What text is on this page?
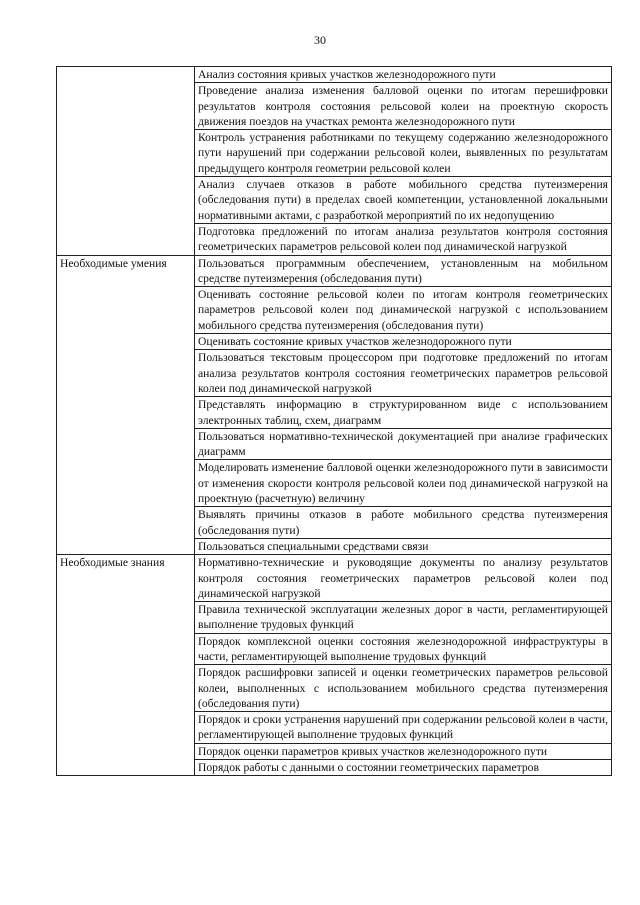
30
	Анализ состояния кривых участков железнодорожного пути
	Проведение анализа изменения балловой оценки по итогам перешифровки результатов контроля состояния рельсовой колеи на проектную скорость движения поездов на участках ремонта железнодорожного пути
	Контроль устранения работниками по текущему содержанию железнодорожного пути нарушений при содержании рельсовой колеи, выявленных по результатам предыдущего контроля геометрии рельсовой колеи
	Анализ случаев отказов в работе мобильного средства путеизмерения (обследования пути) в пределах своей компетенции, установленной локальными нормативными актами, с разработкой мероприятий по их недопущению
	Подготовка предложений по итогам анализа результатов контроля состояния геометрических параметров рельсовой колеи под динамической нагрузкой
Необходимые умения	Пользоваться программным обеспечением, установленным на мобильном средстве путеизмерения (обследования пути)
	Оценивать состояние рельсовой колеи по итогам контроля геометрических параметров рельсовой колеи под динамической нагрузкой с использованием мобильного средства путеизмерения (обследования пути)
	Оценивать состояние кривых участков железнодорожного пути
	Пользоваться текстовым процессором при подготовке предложений по итогам анализа результатов контроля состояния геометрических параметров рельсовой колеи под динамической нагрузкой
	Представлять информацию в структурированном виде с использованием электронных таблиц, схем, диаграмм
	Пользоваться нормативно-технической документацией при анализе графических диаграмм
	Моделировать изменение балловой оценки железнодорожного пути в зависимости от изменения скорости контроля рельсовой колеи под динамической нагрузкой на проектную (расчетную) величину
	Выявлять причины отказов в работе мобильного средства путеизмерения (обследования пути)
	Пользоваться специальными средствами связи
Необходимые знания	Нормативно-технические и руководящие документы по анализу результатов контроля состояния геометрических параметров рельсовой колеи под динамической нагрузкой
	Правила технической эксплуатации железных дорог в части, регламентирующей выполнение трудовых функций
	Порядок комплексной оценки состояния железнодорожной инфраструктуры в части, регламентирующей выполнение трудовых функций
	Порядок расшифровки записей и оценки геометрических параметров рельсовой колеи, выполненных с использованием мобильного средства путеизмерения (обследования пути)
	Порядок и сроки устранения нарушений при содержании рельсовой колеи в части, регламентирующей выполнение трудовых функций
	Порядок оценки параметров кривых участков железнодорожного пути
	Порядок работы с данными о состоянии геометрических параметров
